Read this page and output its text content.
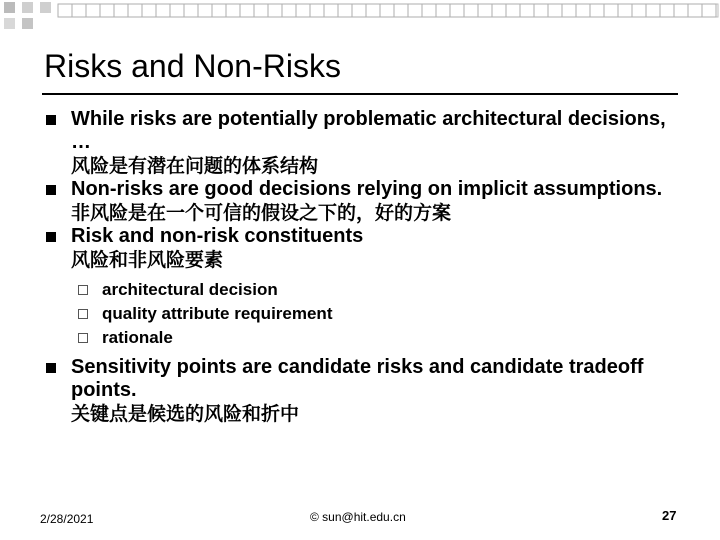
Risks and Non-Risks
While risks are potentially problematic architectural decisions, …
风险是有潜在问题的体系结构
Non-risks are good decisions relying on implicit assumptions.
非风险是在一个可信的假设之下的，好的方案
Risk and non-risk constituents
风险和非风险要素
architectural decision
quality attribute requirement
rationale
Sensitivity points are candidate risks and candidate tradeoff points.
关键点是候选的风险和折中
2/28/2021	© sun@hit.edu.cn	27
